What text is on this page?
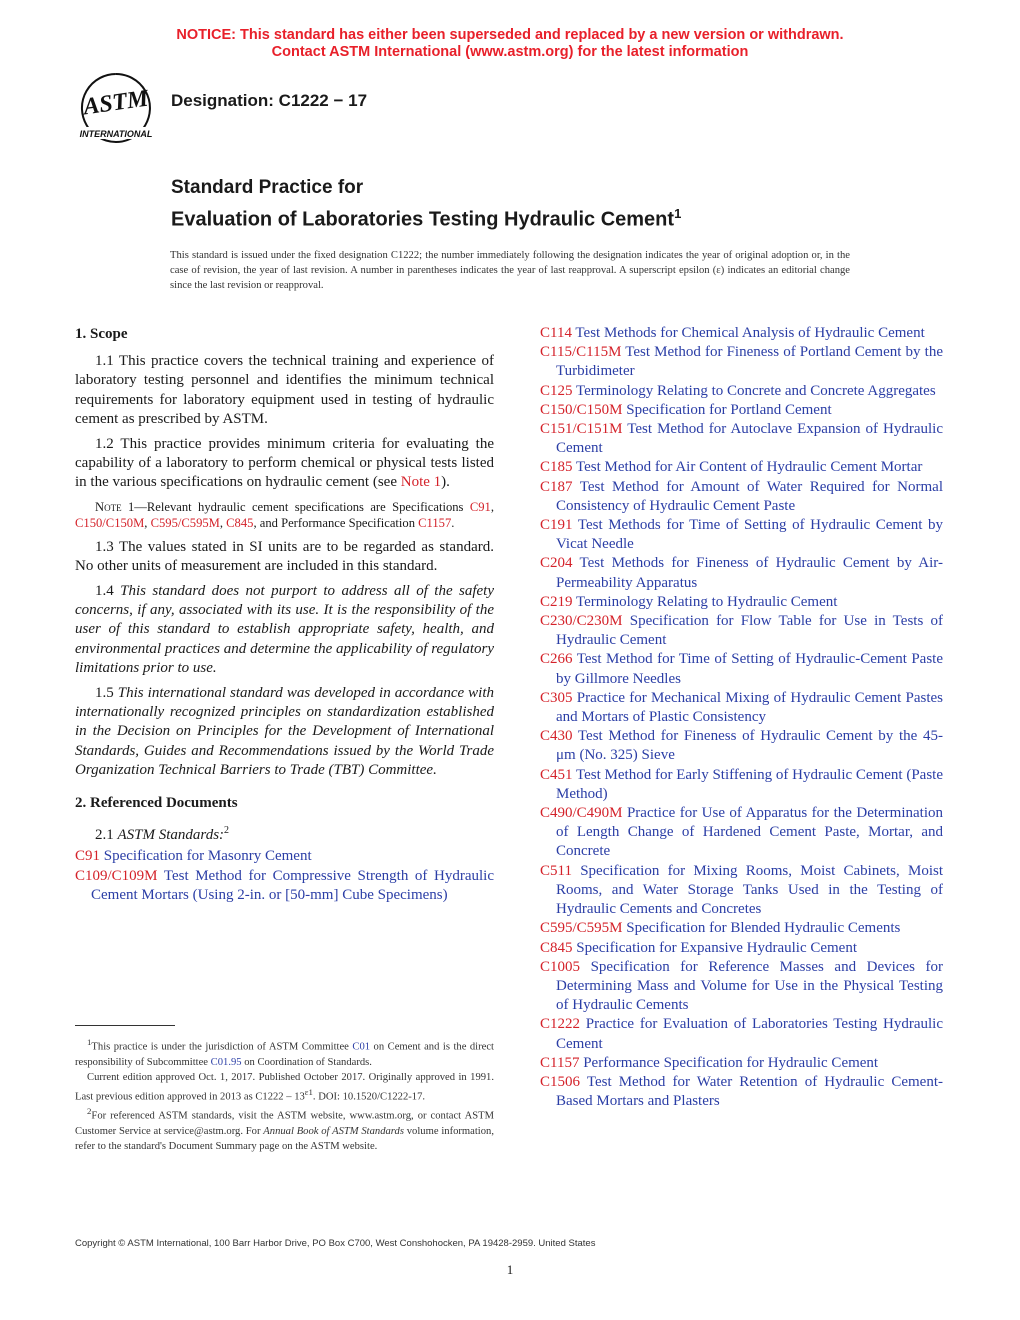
NOTICE: This standard has either been superseded and replaced by a new version or withdrawn.
Contact ASTM International (www.astm.org) for the latest information
ASTM
INTERNATIONAL
Designation: C1222 − 17
Standard Practice for
Evaluation of Laboratories Testing Hydraulic Cement$^1$
This standard is issued under the fixed designation C1222; the number immediately following the designation indicates the year of original adoption or, in the case of revision, the year of last revision. A number in parentheses indicates the year of last reapproval. A superscript epsilon (ε) indicates an editorial change since the last revision or reapproval.
1. Scope

1.1 This practice covers the technical training and experience of laboratory testing personnel and identifies the minimum technical requirements for laboratory equipment used in testing of hydraulic cement as prescribed by ASTM.

1.2 This practice provides minimum criteria for evaluating the capability of a laboratory to perform chemical or physical tests listed in the various specifications on hydraulic cement (see Note 1).

Note 1—Relevant hydraulic cement specifications are Specifications C91, C150/C150M, C595/C595M, C845, and Performance Specification C1157.

1.3 The values stated in SI units are to be regarded as standard. No other units of measurement are included in this standard.

1.4 This standard does not purport to address all of the safety concerns, if any, associated with its use. It is the responsibility of the user of this standard to establish appropriate safety, health, and environmental practices and determine the applicability of regulatory limitations prior to use.

1.5 This international standard was developed in accordance with internationally recognized principles on standardization established in the Decision on Principles for the Development of International Standards, Guides and Recommendations issued by the World Trade Organization Technical Barriers to Trade (TBT) Committee.

2. Referenced Documents

2.1 ASTM Standards:$^2$

C91 Specification for Masonry Cement

C109/C109M Test Method for Compressive Strength of Hydraulic Cement Mortars (Using 2-in. or [50-mm] Cube Specimens)

C114 Test Methods for Chemical Analysis of Hydraulic Cement

C115/C115M Test Method for Fineness of Portland Cement by the Turbidimeter

C125 Terminology Relating to Concrete and Concrete Aggregates

C150/C150M Specification for Portland Cement

C151/C151M Test Method for Autoclave Expansion of Hydraulic Cement

C185 Test Method for Air Content of Hydraulic Cement Mortar

C187 Test Method for Amount of Water Required for Normal Consistency of Hydraulic Cement Paste

C191 Test Methods for Time of Setting of Hydraulic Cement by Vicat Needle

C204 Test Methods for Fineness of Hydraulic Cement by Air-Permeability Apparatus

C219 Terminology Relating to Hydraulic Cement

C230/C230M Specification for Flow Table for Use in Tests of Hydraulic Cement

C266 Test Method for Time of Setting of Hydraulic-Cement Paste by Gillmore Needles

C305 Practice for Mechanical Mixing of Hydraulic Cement Pastes and Mortars of Plastic Consistency

C430 Test Method for Fineness of Hydraulic Cement by the 45-μm (No. 325) Sieve

C451 Test Method for Early Stiffening of Hydraulic Cement (Paste Method)

C490/C490M Practice for Use of Apparatus for the Determination of Length Change of Hardened Cement Paste, Mortar, and Concrete

C511 Specification for Mixing Rooms, Moist Cabinets, Moist Rooms, and Water Storage Tanks Used in the Testing of Hydraulic Cements and Concretes

C595/C595M Specification for Blended Hydraulic Cements

C845 Specification for Expansive Hydraulic Cement

C1005 Specification for Reference Masses and Devices for Determining Mass and Volume for Use in the Physical Testing of Hydraulic Cements

C1222 Practice for Evaluation of Laboratories Testing Hydraulic Cement

C1157 Performance Specification for Hydraulic Cement

C1506 Test Method for Water Retention of Hydraulic Cement-Based Mortars and Plasters

$^1$This practice is under the jurisdiction of ASTM Committee C01 on Cement and is the direct responsibility of Subcommittee C01.95 on Coordination of Standards.

Current edition approved Oct. 1, 2017. Published October 2017. Originally approved in 1991. Last previous edition approved in 2013 as $C1222 - 13^{\varepsilon 1}$. DOI: 10.1520/C1222-17.

$^2$For referenced ASTM standards, visit the ASTM website, www.astm.org, or contact ASTM Customer Service at service@astm.org. For Annual Book of ASTM Standards volume information, refer to the standard's Document Summary page on the ASTM website.

Copyright © ASTM International, 100 Barr Harbor Drive, PO Box C700, West Conshohocken, PA 19428-2959. United States
1
